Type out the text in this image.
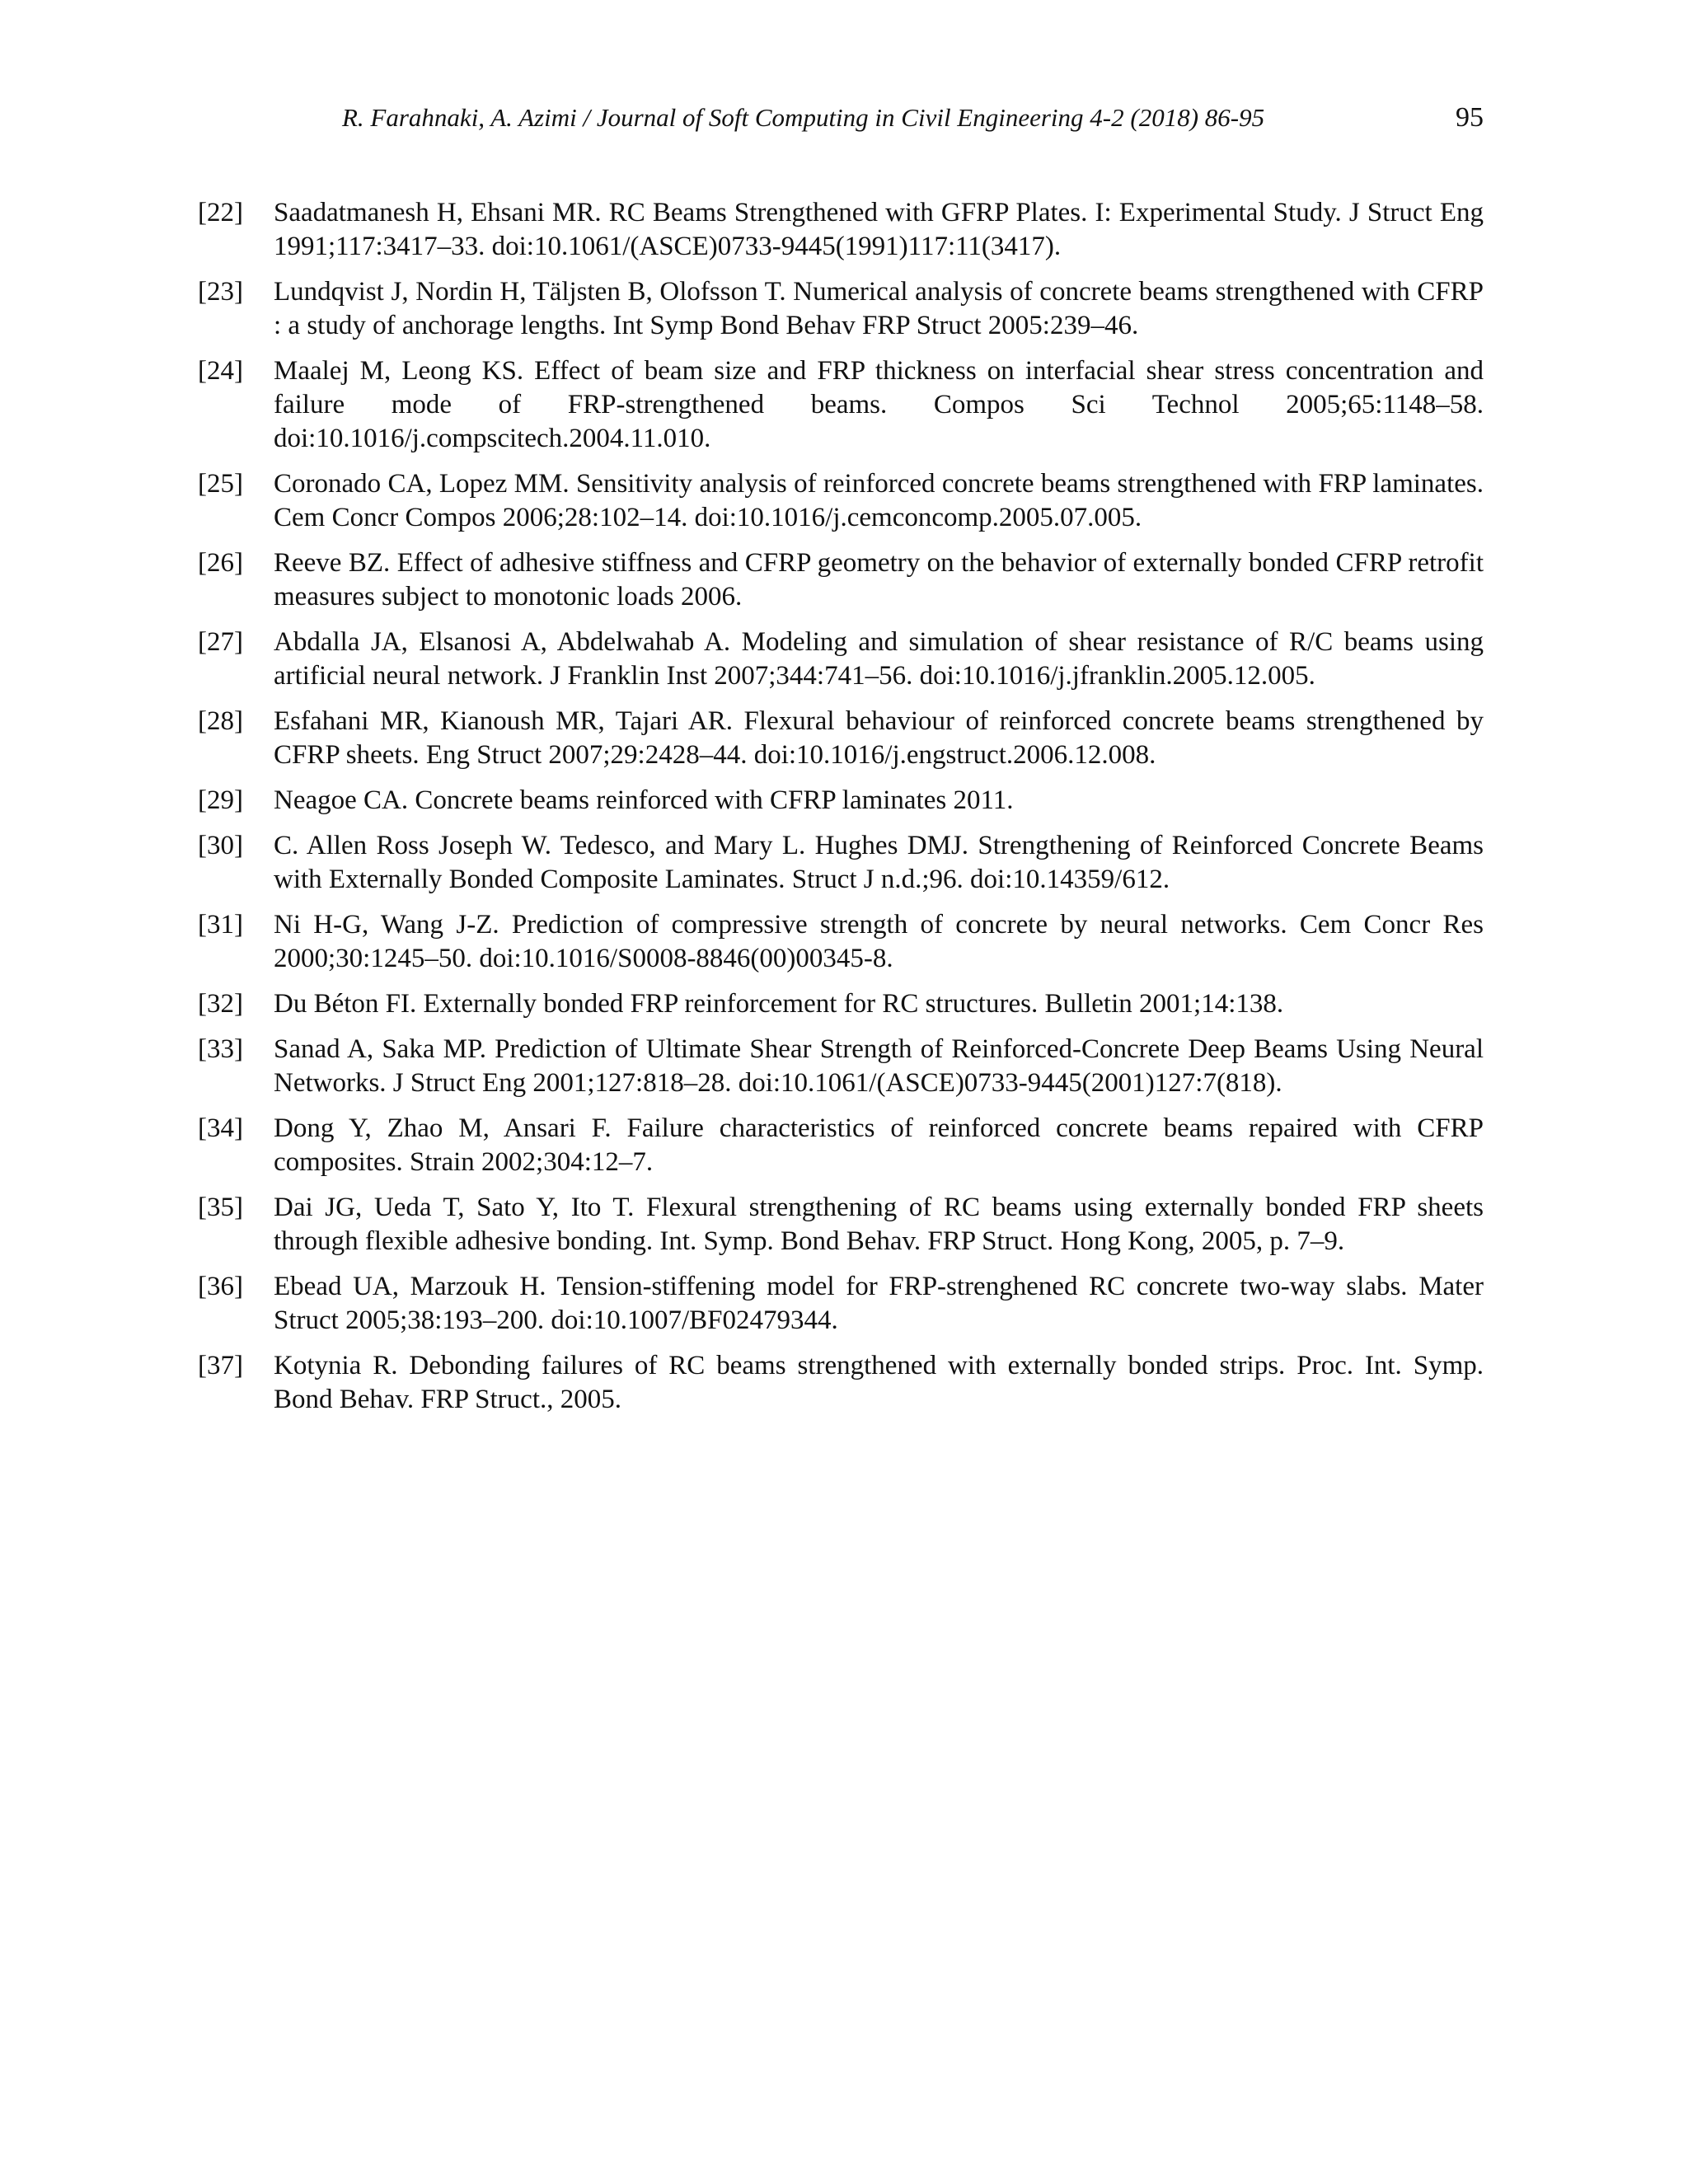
R. Farahnaki, A. Azimi / Journal of Soft Computing in Civil Engineering 4-2 (2018) 86-95	95
[22]	Saadatmanesh H, Ehsani MR. RC Beams Strengthened with GFRP Plates. I: Experimental Study. J Struct Eng 1991;117:3417–33. doi:10.1061/(ASCE)0733-9445(1991)117:11(3417).
[23]	Lundqvist J, Nordin H, Täljsten B, Olofsson T. Numerical analysis of concrete beams strengthened with CFRP : a study of anchorage lengths. Int Symp Bond Behav FRP Struct 2005:239–46.
[24]	Maalej M, Leong KS. Effect of beam size and FRP thickness on interfacial shear stress concentration and failure mode of FRP-strengthened beams. Compos Sci Technol 2005;65:1148–58. doi:10.1016/j.compscitech.2004.11.010.
[25]	Coronado CA, Lopez MM. Sensitivity analysis of reinforced concrete beams strengthened with FRP laminates. Cem Concr Compos 2006;28:102–14. doi:10.1016/j.cemconcomp.2005.07.005.
[26]	Reeve BZ. Effect of adhesive stiffness and CFRP geometry on the behavior of externally bonded CFRP retrofit measures subject to monotonic loads 2006.
[27]	Abdalla JA, Elsanosi A, Abdelwahab A. Modeling and simulation of shear resistance of R/C beams using artificial neural network. J Franklin Inst 2007;344:741–56. doi:10.1016/j.jfranklin.2005.12.005.
[28]	Esfahani MR, Kianoush MR, Tajari AR. Flexural behaviour of reinforced concrete beams strengthened by CFRP sheets. Eng Struct 2007;29:2428–44. doi:10.1016/j.engstruct.2006.12.008.
[29]	Neagoe CA. Concrete beams reinforced with CFRP laminates 2011.
[30]	C. Allen Ross Joseph W. Tedesco, and Mary L. Hughes DMJ. Strengthening of Reinforced Concrete Beams with Externally Bonded Composite Laminates. Struct J n.d.;96. doi:10.14359/612.
[31]	Ni H-G, Wang J-Z. Prediction of compressive strength of concrete by neural networks. Cem Concr Res 2000;30:1245–50. doi:10.1016/S0008-8846(00)00345-8.
[32]	Du Béton FI. Externally bonded FRP reinforcement for RC structures. Bulletin 2001;14:138.
[33]	Sanad A, Saka MP. Prediction of Ultimate Shear Strength of Reinforced-Concrete Deep Beams Using Neural Networks. J Struct Eng 2001;127:818–28. doi:10.1061/(ASCE)0733-9445(2001)127:7(818).
[34]	Dong Y, Zhao M, Ansari F. Failure characteristics of reinforced concrete beams repaired with CFRP composites. Strain 2002;304:12–7.
[35]	Dai JG, Ueda T, Sato Y, Ito T. Flexural strengthening of RC beams using externally bonded FRP sheets through flexible adhesive bonding. Int. Symp. Bond Behav. FRP Struct. Hong Kong, 2005, p. 7–9.
[36]	Ebead UA, Marzouk H. Tension-stiffening model for FRP-strenghened RC concrete two-way slabs. Mater Struct 2005;38:193–200. doi:10.1007/BF02479344.
[37]	Kotynia R. Debonding failures of RC beams strengthened with externally bonded strips. Proc. Int. Symp. Bond Behav. FRP Struct., 2005.
